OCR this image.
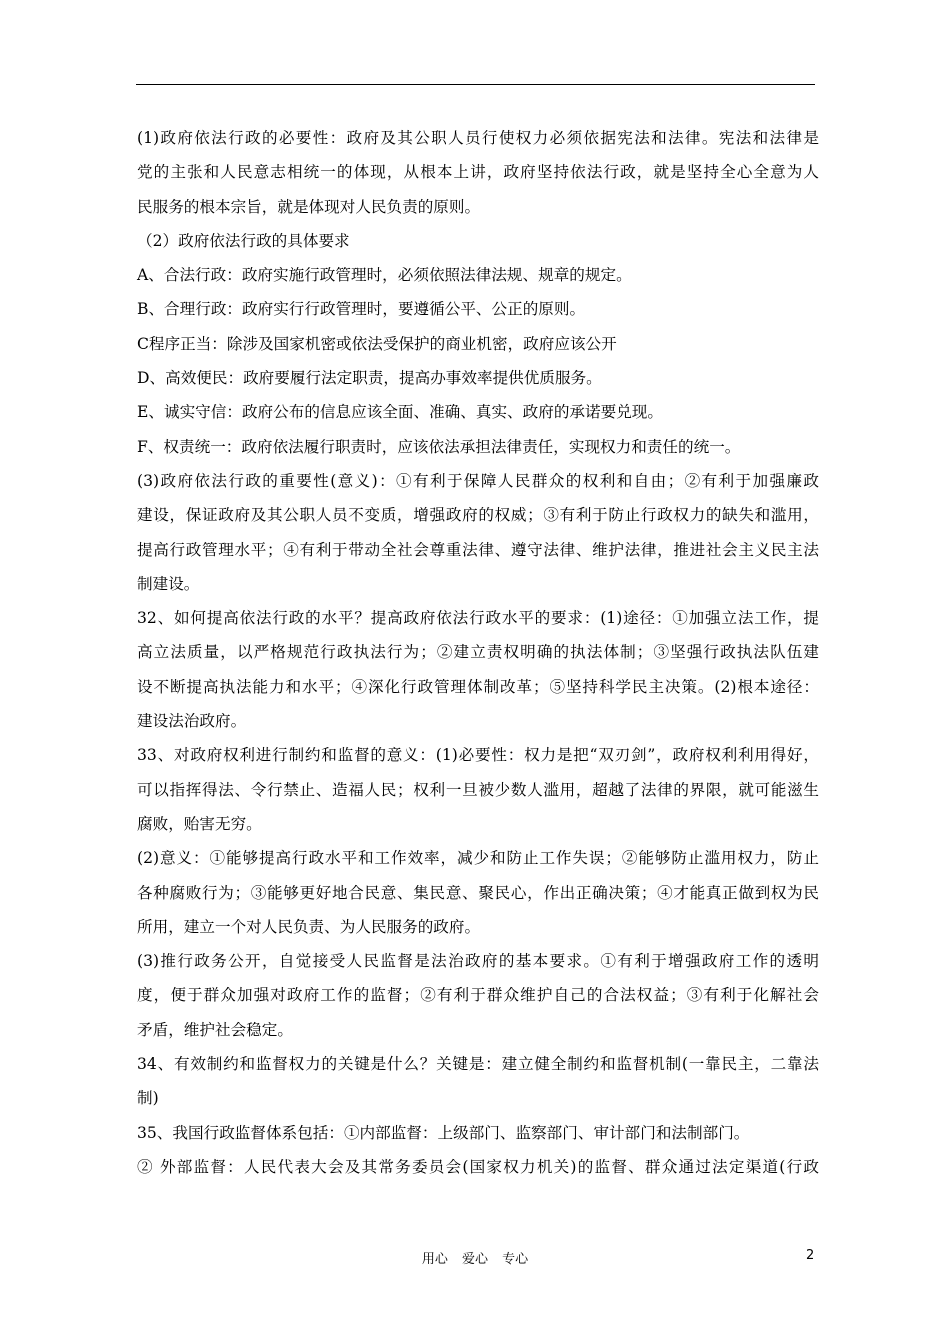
(1)政府依法行政的必要性：政府及其公职人员行使权力必须依据宪法和法律。宪法和法律是
党的主张和人民意志相统一的体现，从根本上讲，政府坚持依法行政，就是坚持全心全意为人
民服务的根本宗旨，就是体现对人民负责的原则。
（2）政府依法行政的具体要求
A、合法行政：政府实施行政管理时，必须依照法律法规、规章的规定。
B、合理行政：政府实行行政管理时，要遵循公平、公正的原则。
C程序正当：除涉及国家机密或依法受保护的商业机密，政府应该公开
D、高效便民：政府要履行法定职责，提高办事效率提供优质服务。
E、诚实守信：政府公布的信息应该全面、准确、真实、政府的承诺要兑现。
F、权责统一：政府依法履行职责时，应该依法承担法律责任，实现权力和责任的统一。
(3)政府依法行政的重要性(意义)：①有利于保障人民群众的权利和自由；②有利于加强廉政
建设，保证政府及其公职人员不变质，增强政府的权威；③有利于防止行政权力的缺失和滥用，
提高行政管理水平；④有利于带动全社会尊重法律、遵守法律、维护法律，推进社会主义民主法
制建设。
32、如何提高依法行政的水平？提高政府依法行政水平的要求：(1)途径：①加强立法工作，提
高立法质量，以严格规范行政执法行为；②建立责权明确的执法体制；③坚强行政执法队伍建
设不断提高执法能力和水平；④深化行政管理体制改革；⑤坚持科学民主决策。(2)根本途径：
建设法治政府。
33、对政府权利进行制约和监督的意义：(1)必要性：权力是把“双刃剑”，政府权利利用得好，
可以指挥得法、令行禁止、造福人民；权利一旦被少数人滥用，超越了法律的界限，就可能滋生
腐败，贻害无穷。
(2)意义：①能够提高行政水平和工作效率，减少和防止工作失误；②能够防止滥用权力，防止
各种腐败行为；③能够更好地合民意、集民意、聚民心，作出正确决策；④才能真正做到权为民
所用，建立一个对人民负责、为人民服务的政府。
(3)推行政务公开，自觉接受人民监督是法治政府的基本要求。①有利于增强政府工作的透明
度，便于群众加强对政府工作的监督；②有利于群众维护自己的合法权益；③有利于化解社会
矛盾，维护社会稳定。
34、有效制约和监督权力的关键是什么？关键是：建立健全制约和监督机制(一靠民主，二靠法
制)
35、我国行政监督体系包括：①内部监督：上级部门、监察部门、审计部门和法制部门。
② 外部监督：人民代表大会及其常务委员会(国家权力机关)的监督、群众通过法定渠道(行政
用心 爱心 专心	2
